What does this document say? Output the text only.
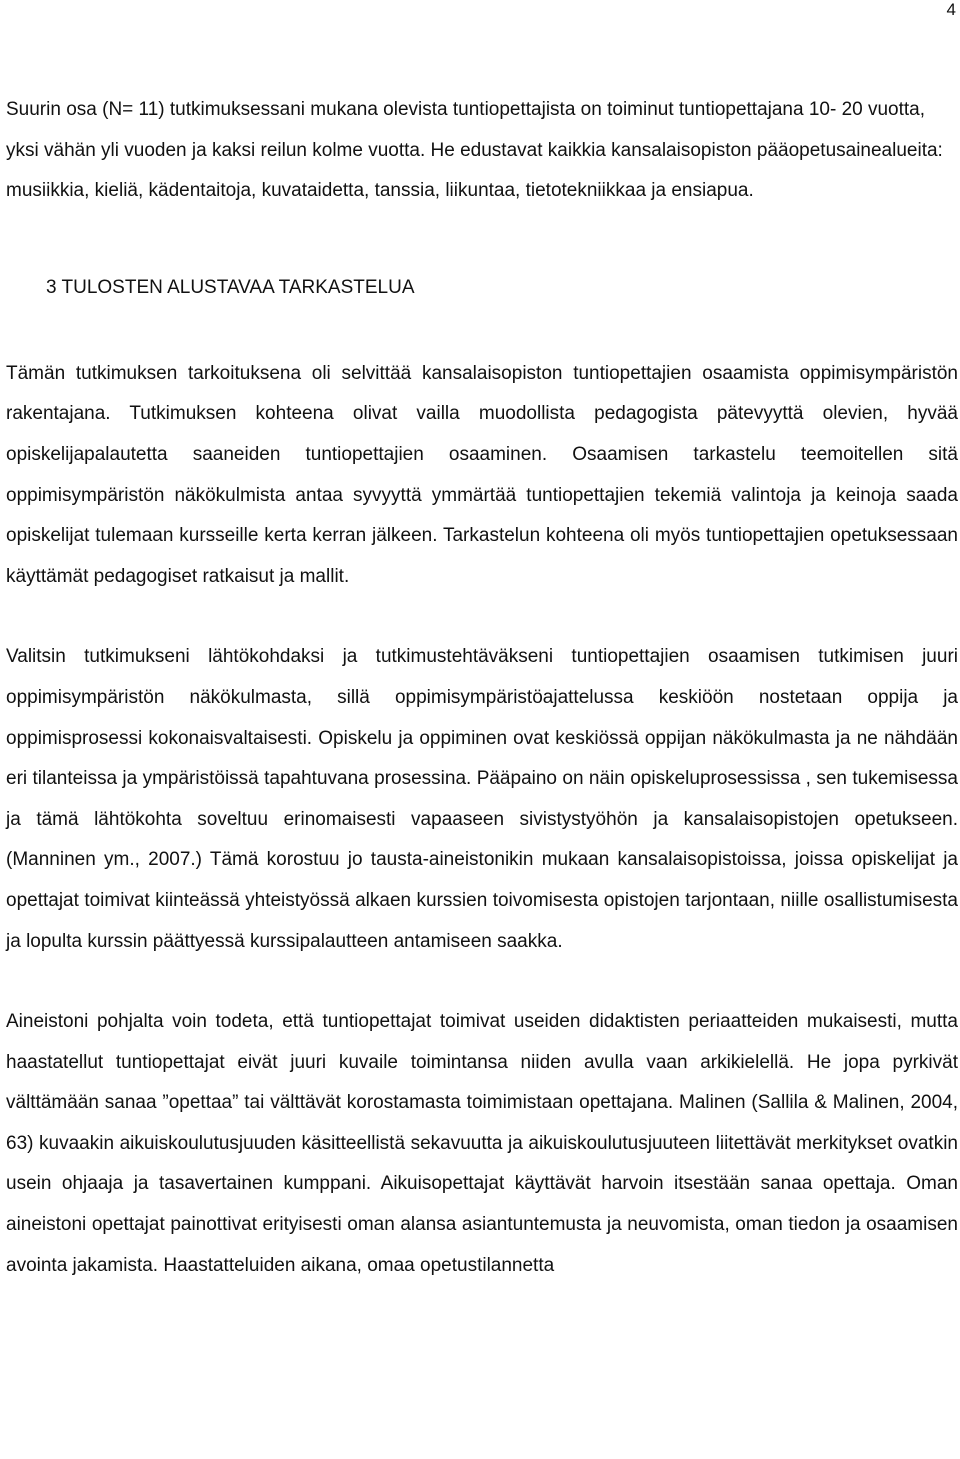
4

Suurin osa (N= 11) tutkimuksessani mukana olevista tuntiopettajista on toiminut tuntiopettajana 10- 20 vuotta, yksi vähän yli vuoden ja kaksi reilun kolme vuotta. He edustavat kaikkia kansalaisopiston pääopetusainealueita: musiikkia, kieliä, kädentaitoja, kuvataidetta, tanssia, liikuntaa, tietotekniikkaa ja ensiapua.

3 TULOSTEN ALUSTAVAA TARKASTELUA

Tämän tutkimuksen tarkoituksena oli selvittää kansalaisopiston tuntiopettajien osaamista oppimisympäristön rakentajana. Tutkimuksen kohteena olivat vailla muodollista pedagogista pätevyyttä olevien, hyvää opiskelijapalautetta saaneiden tuntiopettajien osaaminen. Osaamisen tarkastelu teemoitellen sitä oppimisympäristön näkökulmista antaa syvyyttä ymmärtää tuntiopettajien tekemiä valintoja ja keinoja saada opiskelijat tulemaan kursseille kerta kerran jälkeen. Tarkastelun kohteena oli myös tuntiopettajien opetuksessaan käyttämät pedagogiset ratkaisut ja mallit.

Valitsin tutkimukseni lähtökohdaksi ja tutkimustehtäväkseni tuntiopettajien osaamisen tutkimisen juuri oppimisympäristön näkökulmasta, sillä oppimisympäristöajattelussa keskiöön nostetaan oppija ja oppimisprosessi kokonaisvaltaisesti. Opiskelu ja oppiminen ovat keskiössä oppijan näkökulmasta ja ne nähdään eri tilanteissa ja ympäristöissä tapahtuvana prosessina. Pääpaino on näin opiskeluprosessissa , sen tukemisessa ja tämä lähtökohta soveltuu erinomaisesti vapaaseen sivistystyöhön ja kansalaisopistojen opetukseen. (Manninen ym., 2007.) Tämä korostuu jo tausta-aineistonikin mukaan kansalaisopistoissa, joissa opiskelijat ja opettajat toimivat kiinteässä yhteistyössä alkaen kurssien toivomisesta opistojen tarjontaan, niille osallistumisesta ja lopulta kurssin päättyessä kurssipalautteen antamiseen saakka.

Aineistoni pohjalta voin todeta, että tuntiopettajat toimivat useiden didaktisten periaatteiden mukaisesti, mutta haastatellut tuntiopettajat eivät juuri kuvaile toimintansa niiden avulla vaan arkikielellä. He jopa pyrkivät välttämään sanaa ”opettaa” tai välttävät korostamasta toimimistaan opettajana. Malinen (Sallila & Malinen, 2004, 63) kuvaakin aikuiskoulutusjuuden käsitteellistä sekavuutta ja aikuiskoulutusjuuteen liitettävät merkitykset ovatkin usein ohjaaja ja tasavertainen kumppani. Aikuisopettajat käyttävät harvoin itsestään sanaa opettaja. Oman aineistoni opettajat painottivat erityisesti oman alansa asiantuntemusta ja neuvomista, oman tiedon ja osaamisen avointa jakamista. Haastatteluiden aikana, omaa opetustilannetta
